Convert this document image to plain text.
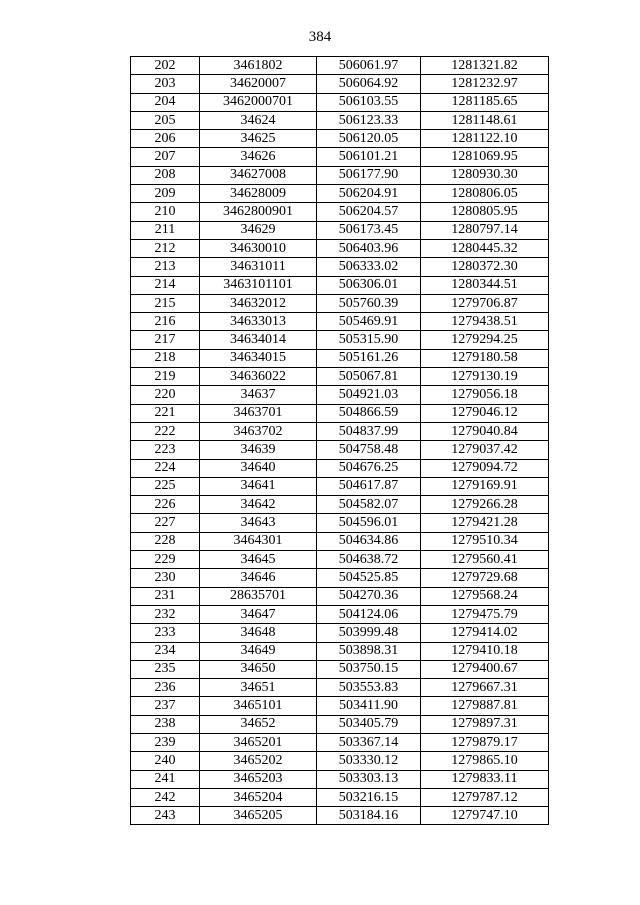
384
202	3461802	506061.97	1281321.82
203	34620007	506064.92	1281232.97
204	3462000701	506103.55	1281185.65
205	34624	506123.33	1281148.61
206	34625	506120.05	1281122.10
207	34626	506101.21	1281069.95
208	34627008	506177.90	1280930.30
209	34628009	506204.91	1280806.05
210	3462800901	506204.57	1280805.95
211	34629	506173.45	1280797.14
212	34630010	506403.96	1280445.32
213	34631011	506333.02	1280372.30
214	3463101101	506306.01	1280344.51
215	34632012	505760.39	1279706.87
216	34633013	505469.91	1279438.51
217	34634014	505315.90	1279294.25
218	34634015	505161.26	1279180.58
219	34636022	505067.81	1279130.19
220	34637	504921.03	1279056.18
221	3463701	504866.59	1279046.12
222	3463702	504837.99	1279040.84
223	34639	504758.48	1279037.42
224	34640	504676.25	1279094.72
225	34641	504617.87	1279169.91
226	34642	504582.07	1279266.28
227	34643	504596.01	1279421.28
228	3464301	504634.86	1279510.34
229	34645	504638.72	1279560.41
230	34646	504525.85	1279729.68
231	28635701	504270.36	1279568.24
232	34647	504124.06	1279475.79
233	34648	503999.48	1279414.02
234	34649	503898.31	1279410.18
235	34650	503750.15	1279400.67
236	34651	503553.83	1279667.31
237	3465101	503411.90	1279887.81
238	34652	503405.79	1279897.31
239	3465201	503367.14	1279879.17
240	3465202	503330.12	1279865.10
241	3465203	503303.13	1279833.11
242	3465204	503216.15	1279787.12
243	3465205	503184.16	1279747.10
